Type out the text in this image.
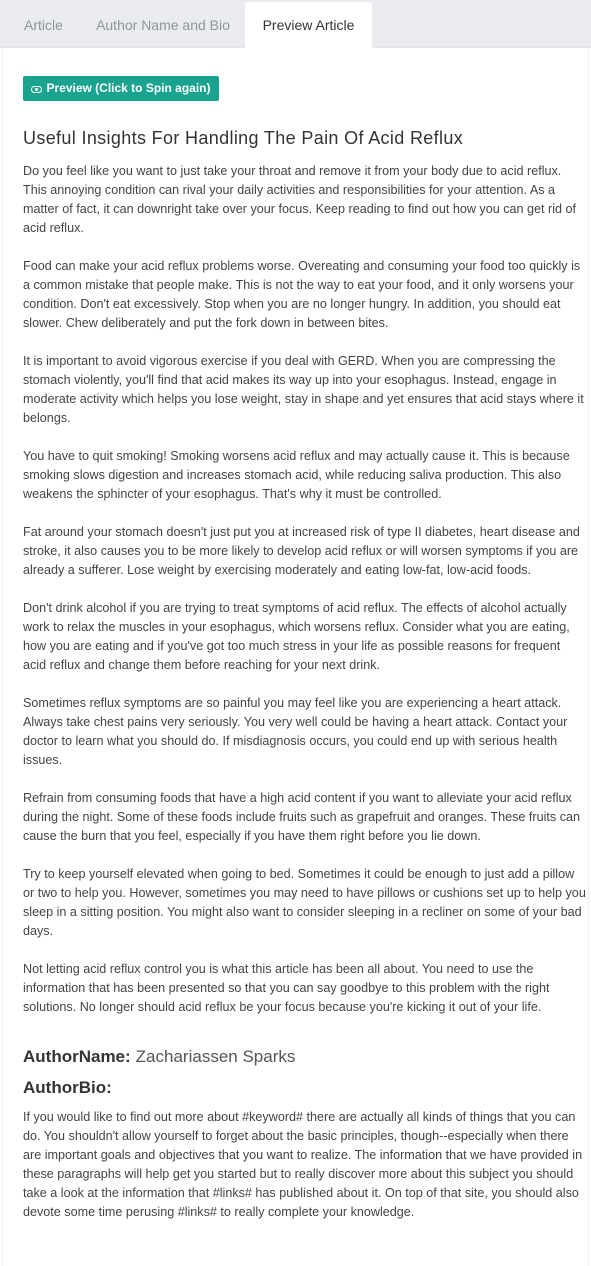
Article	Author Name and Bio	Preview Article
Preview (Click to Spin again)
Useful Insights For Handling The Pain Of Acid Reflux

Do you feel like you want to just take your throat and remove it from your body due to acid reflux. This annoying condition can rival your daily activities and responsibilities for your attention. As a matter of fact, it can downright take over your focus. Keep reading to find out how you can get rid of acid reflux.

Food can make your acid reflux problems worse. Overeating and consuming your food too quickly is a common mistake that people make. This is not the way to eat your food, and it only worsens your condition. Don't eat excessively. Stop when you are no longer hungry. In addition, you should eat slower. Chew deliberately and put the fork down in between bites.

It is important to avoid vigorous exercise if you deal with GERD. When you are compressing the stomach violently, you'll find that acid makes its way up into your esophagus. Instead, engage in moderate activity which helps you lose weight, stay in shape and yet ensures that acid stays where it belongs.

You have to quit smoking! Smoking worsens acid reflux and may actually cause it. This is because smoking slows digestion and increases stomach acid, while reducing saliva production. This also weakens the sphincter of your esophagus. That's why it must be controlled.

Fat around your stomach doesn't just put you at increased risk of type II diabetes, heart disease and stroke, it also causes you to be more likely to develop acid reflux or will worsen symptoms if you are already a sufferer. Lose weight by exercising moderately and eating low-fat, low-acid foods.

Don't drink alcohol if you are trying to treat symptoms of acid reflux. The effects of alcohol actually work to relax the muscles in your esophagus, which worsens reflux. Consider what you are eating, how you are eating and if you've got too much stress in your life as possible reasons for frequent acid reflux and change them before reaching for your next drink.

Sometimes reflux symptoms are so painful you may feel like you are experiencing a heart attack. Always take chest pains very seriously. You very well could be having a heart attack. Contact your doctor to learn what you should do. If misdiagnosis occurs, you could end up with serious health issues.

Refrain from consuming foods that have a high acid content if you want to alleviate your acid reflux during the night. Some of these foods include fruits such as grapefruit and oranges. These fruits can cause the burn that you feel, especially if you have them right before you lie down.

Try to keep yourself elevated when going to bed. Sometimes it could be enough to just add a pillow or two to help you. However, sometimes you may need to have pillows or cushions set up to help you sleep in a sitting position. You might also want to consider sleeping in a recliner on some of your bad days.

Not letting acid reflux control you is what this article has been all about. You need to use the information that has been presented so that you can say goodbye to this problem with the right solutions. No longer should acid reflux be your focus because you're kicking it out of your life.

AuthorName: Zachariassen Sparks
AuthorBio:

If you would like to find out more about #keyword# there are actually all kinds of things that you can do. You shouldn't allow yourself to forget about the basic principles, though--especially when there are important goals and objectives that you want to realize. The information that we have provided in these paragraphs will help get you started but to really discover more about this subject you should take a look at the information that #links# has published about it. On top of that site, you should also devote some time perusing #links# to really complete your knowledge.
